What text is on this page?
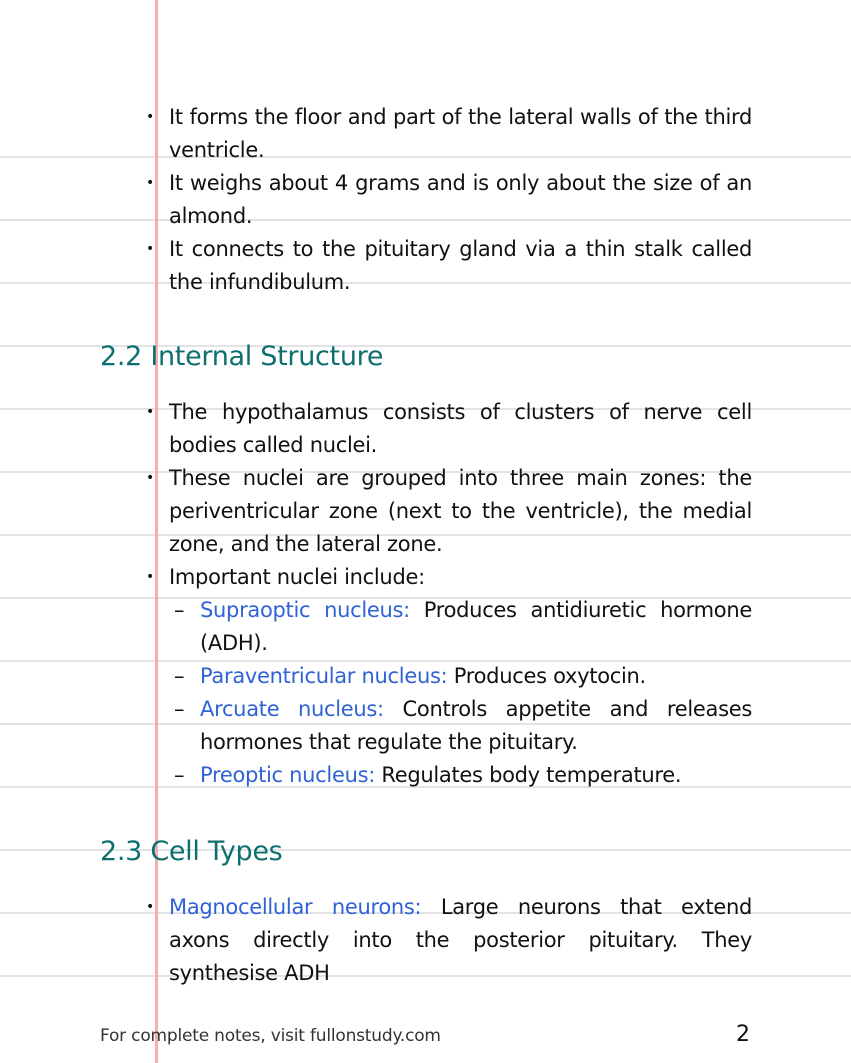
• It forms the floor and part of the lateral walls of the third ventricle.
• It weighs about 4 grams and is only about the size of an almond.
• It connects to the pituitary gland via a thin stalk called the infundibulum.
2.2 Internal Structure
• The hypothalamus consists of clusters of nerve cell bodies called nuclei.
• These nuclei are grouped into three main zones: the periventricular zone (next to the ventricle), the medial zone, and the lateral zone.
• Important nuclei include:
– Supraoptic nucleus: Produces antidiuretic hormone (ADH).
– Paraventricular nucleus: Produces oxytocin.
– Arcuate nucleus: Controls appetite and releases hormones that regulate the pituitary.
– Preoptic nucleus: Regulates body temperature.
2.3 Cell Types
• Magnocellular neurons: Large neurons that extend axons directly into the posterior pituitary. They synthesise ADH
For complete notes, visit fullonstudy.com	2
